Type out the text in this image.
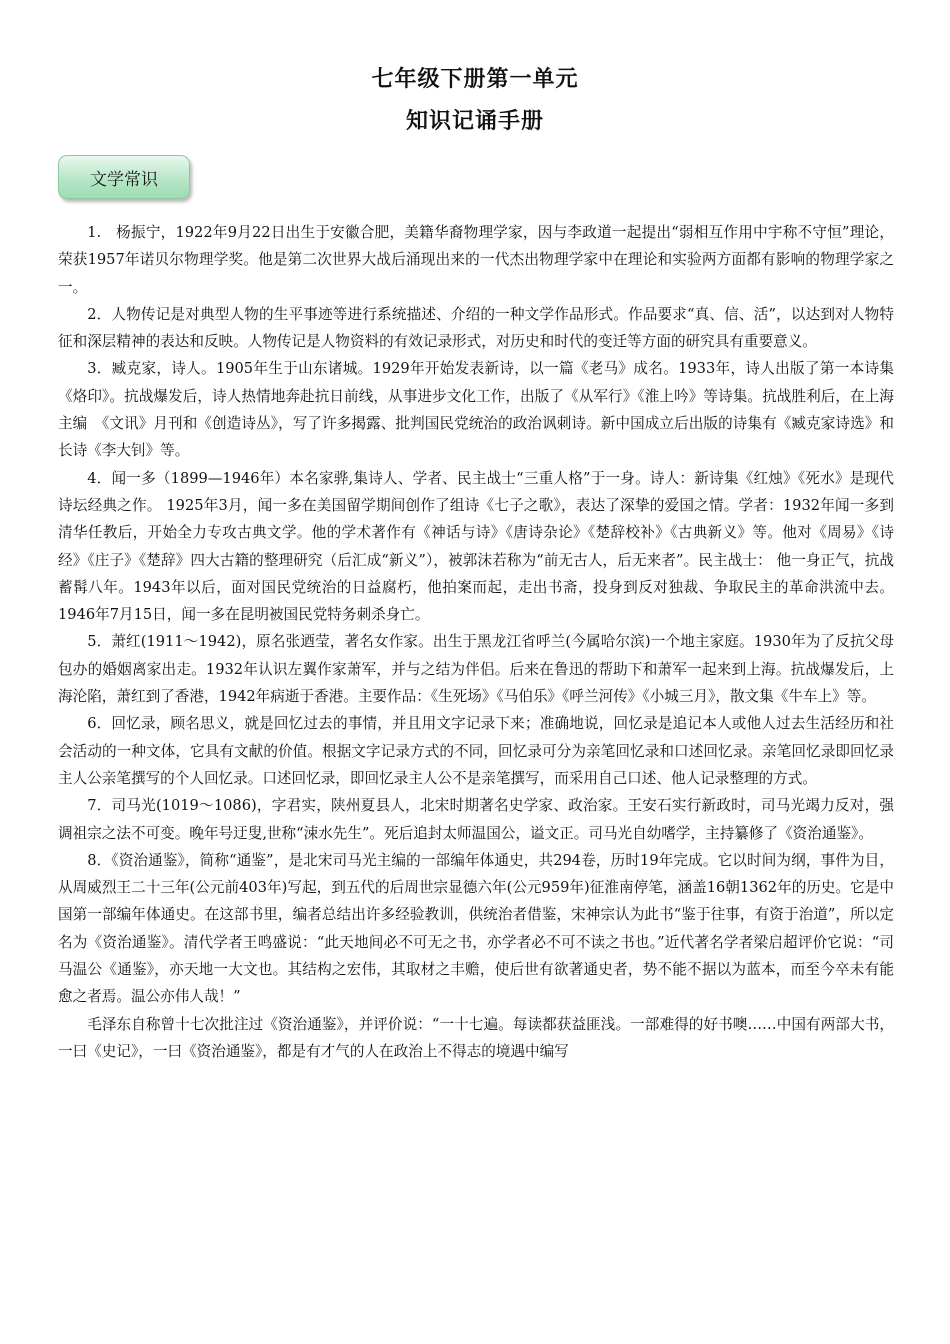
七年级下册第一单元
知识记诵手册
文学常识

1.　杨振宁，1922年9月22日出生于安徽合肥，美籍华裔物理学家，因与李政道一起提出“弱相互作用中宇称不守恒”理论，荣获1957年诺贝尔物理学奖。他是第二次世界大战后涌现出来的一代杰出物理学家中在理论和实验两方面都有影响的物理学家之一。

2．人物传记是对典型人物的生平事迹等进行系统描述、介绍的一种文学作品形式。作品要求“真、信、活”，以达到对人物特征和深层精神的表达和反映。人物传记是人物资料的有效记录形式，对历史和时代的变迁等方面的研究具有重要意义。

3．臧克家，诗人。1905年生于山东诸城。1929年开始发表新诗，以一篇《老马》成名。1933年，诗人出版了第一本诗集《烙印》。抗战爆发后，诗人热情地奔赴抗日前线，从事进步文化工作，出版了《从军行》《淮上吟》等诗集。抗战胜利后，在上海主编　《文讯》月刊和《创造诗丛》，写了许多揭露、批判国民党统治的政治讽刺诗。新中国成立后出版的诗集有《臧克家诗选》和长诗《李大钊》等。

4．闻一多（1899—1946年）本名家骅,集诗人、学者、民主战士“三重人格”于一身。诗人：新诗集《红烛》《死水》是现代诗坛经典之作。 1925年3月，闻一多在美国留学期间创作了组诗《七子之歌》，表达了深挚的爱国之情。学者：1932年闻一多到清华任教后，开始全力专攻古典文学。他的学术著作有《神话与诗》《唐诗杂论》《楚辞校补》《古典新义》等。他对《周易》《诗经》《庄子》《楚辞》四大古籍的整理研究（后汇成“新义”），被郭沫若称为“前无古人，后无来者”。民主战士： 他一身正气，抗战蓄髯八年。1943年以后，面对国民党统治的日益腐朽，他拍案而起，走出书斋，投身到反对独裁、争取民主的革命洪流中去。1946年7月15日，闻一多在昆明被国民党特务刺杀身亡。

5．萧红(1911～1942)，原名张迺莹，著名女作家。出生于黑龙江省呼兰(今属哈尔滨)一个地主家庭。1930年为了反抗父母包办的婚姻离家出走。1932年认识左翼作家萧军，并与之结为伴侣。后来在鲁迅的帮助下和萧军一起来到上海。抗战爆发后，上海沦陷，萧红到了香港，1942年病逝于香港。主要作品：《生死场》《马伯乐》《呼兰河传》《小城三月》，散文集《牛车上》等。

6．回忆录，顾名思义，就是回忆过去的事情，并且用文字记录下来；准确地说，回忆录是追记本人或他人过去生活经历和社会活动的一种文体，它具有文献的价值。根据文字记录方式的不同，回忆录可分为亲笔回忆录和口述回忆录。亲笔回忆录即回忆录主人公亲笔撰写的个人回忆录。口述回忆录，即回忆录主人公不是亲笔撰写，而采用自己口述、他人记录整理的方式。

7．司马光(1019～1086)，字君实，陕州夏县人，北宋时期著名史学家、政治家。王安石实行新政时，司马光竭力反对，强调祖宗之法不可变。晚年号迂叟,世称“涑水先生”。死后追封太师温国公，谥文正。司马光自幼嗜学，主持纂修了《资治通鉴》。

8．《资治通鉴》，简称“通鉴”，是北宋司马光主编的一部编年体通史，共294卷，历时19年完成。它以时间为纲，事件为目，从周威烈王二十三年(公元前403年)写起，到五代的后周世宗显德六年(公元959年)征淮南停笔，涵盖16朝1362年的历史。它是中国第一部编年体通史。在这部书里，编者总结出许多经验教训，供统治者借鉴，宋神宗认为此书“鉴于往事，有资于治道”，所以定名为《资治通鉴》。清代学者王鸣盛说：“此天地间必不可无之书，亦学者必不可不读之书也。”近代著名学者梁启超评价它说：“司马温公《通鉴》，亦天地一大文也。其结构之宏伟，其取材之丰赡，使后世有欲著通史者，势不能不据以为蓝本，而至今卒未有能愈之者焉。温公亦伟人哉！”

毛泽东自称曾十七次批注过《资治通鉴》，并评价说：“一十七遍。每读都获益匪浅。一部难得的好书噢……中国有两部大书，一曰《史记》，一曰《资治通鉴》，都是有才气的人在政治上不得志的境遇中编写
